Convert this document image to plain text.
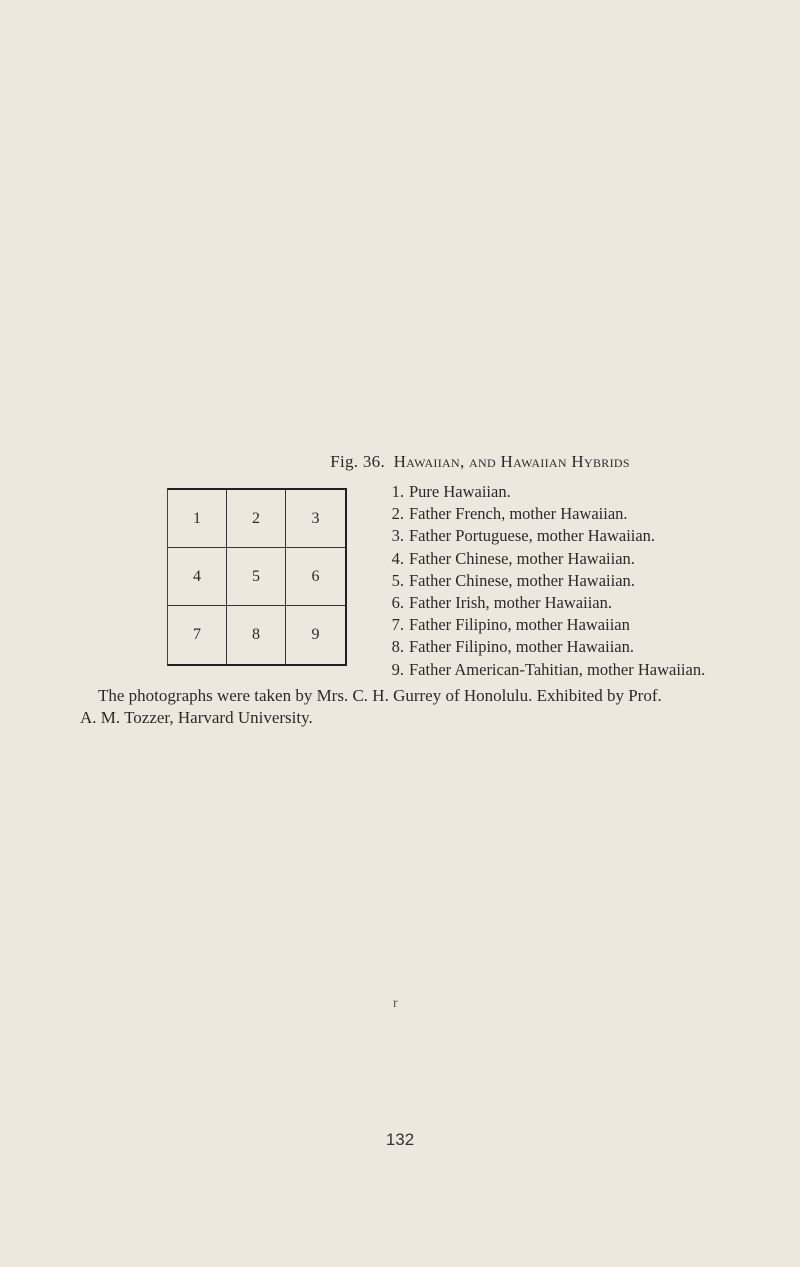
Fig. 36. Hawaiian, and Hawaiian Hybrids
1	2	3
4	5	6
7	8	9
1. Pure Hawaiian.
2. Father French, mother Hawaiian.
3. Father Portuguese, mother Hawaiian.
4. Father Chinese, mother Hawaiian.
5. Father Chinese, mother Hawaiian.
6. Father Irish, mother Hawaiian.
7. Father Filipino, mother Hawaiian
8. Father Filipino, mother Hawaiian.
9. Father American-Tahitian, mother Hawaiian.

The photographs were taken by Mrs. C. H. Gurrey of Honolulu. Exhibited by Prof.
A. M. Tozzer, Harvard University.

r
132
